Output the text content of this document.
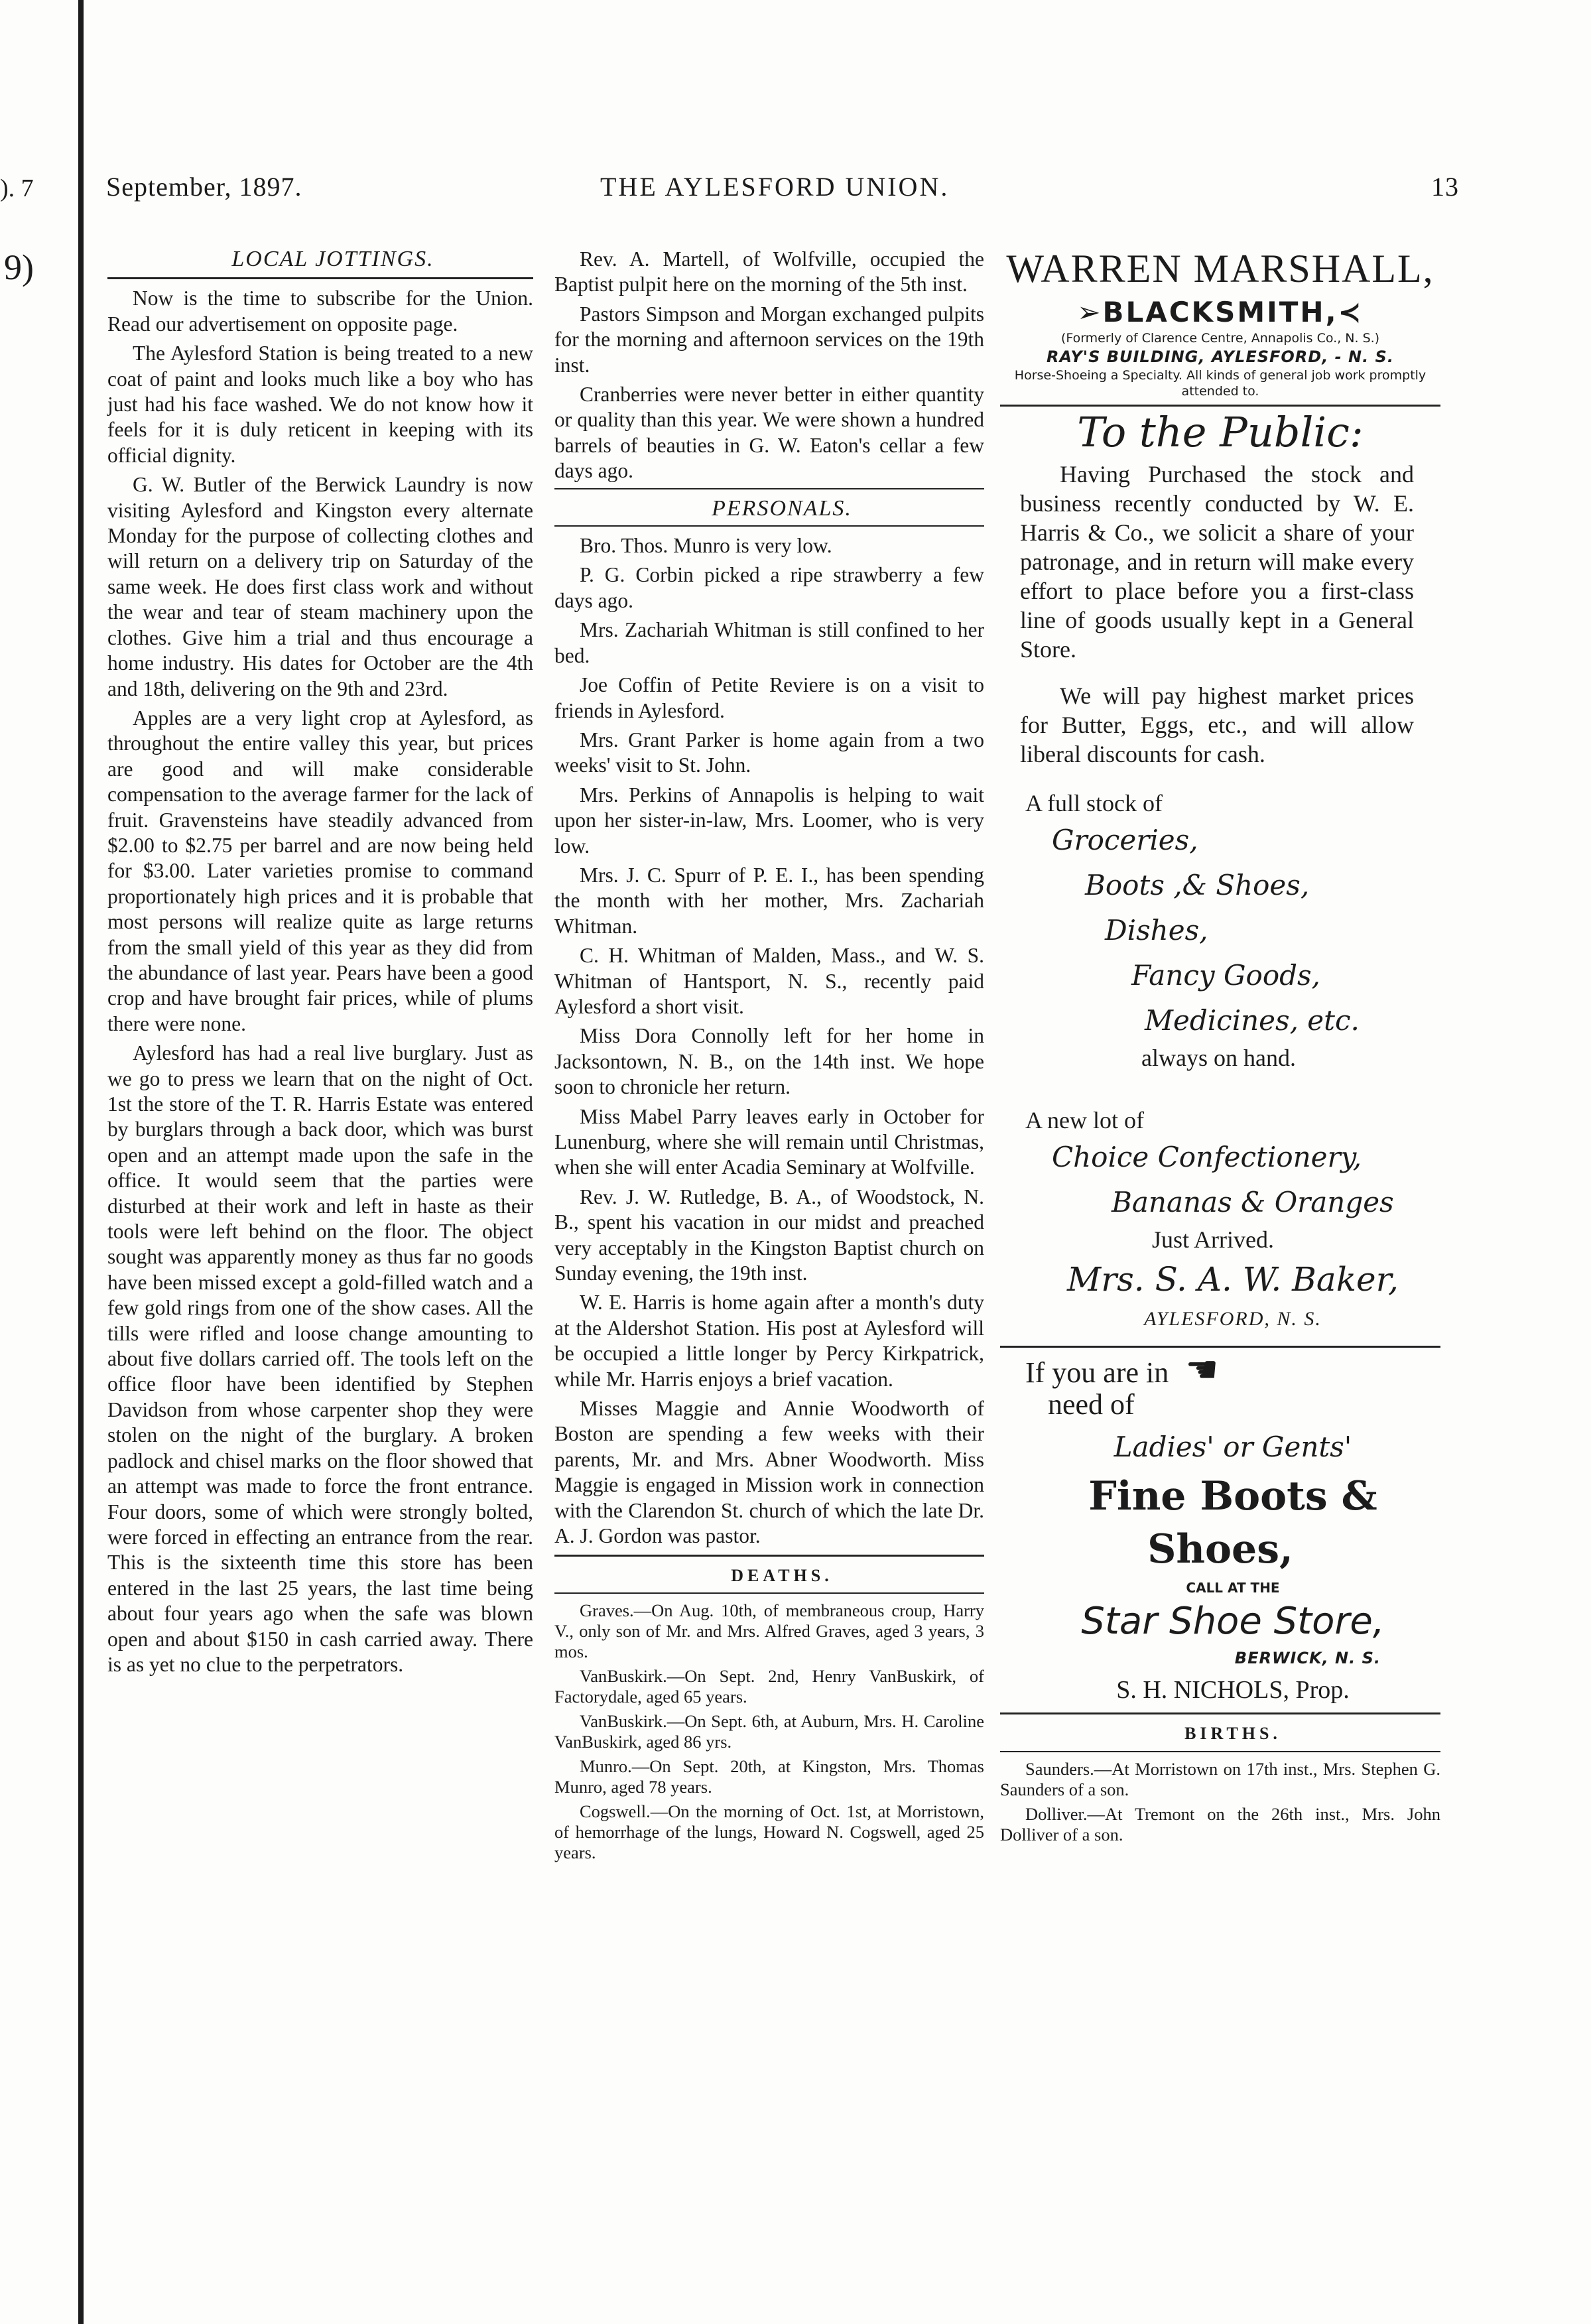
). 7
9)
September, 1897.	THE AYLESFORD UNION.	13

LOCAL JOTTINGS.

Now is the time to subscribe for the Union. Read our advertisement on opposite page.

The Aylesford Station is being treated to a new coat of paint and looks much like a boy who has just had his face washed. We do not know how it feels for it is duly reticent in keeping with its official dignity.

G. W. Butler of the Berwick Laundry is now visiting Aylesford and Kingston every alternate Monday for the purpose of collecting clothes and will return on a delivery trip on Saturday of the same week. He does first class work and without the wear and tear of steam machinery upon the clothes. Give him a trial and thus encourage a home industry. His dates for October are the 4th and 18th, delivering on the 9th and 23rd.

Apples are a very light crop at Aylesford, as throughout the entire valley this year, but prices are good and will make considerable compensation to the average farmer for the lack of fruit. Gravensteins have steadily advanced from $2.00 to $2.75 per barrel and are now being held for $3.00. Later varieties promise to command proportionately high prices and it is probable that most persons will realize quite as large returns from the small yield of this year as they did from the abundance of last year. Pears have been a good crop and have brought fair prices, while of plums there were none.

Aylesford has had a real live burglary. Just as we go to press we learn that on the night of Oct. 1st the store of the T. R. Harris Estate was entered by burglars through a back door, which was burst open and an attempt made upon the safe in the office. It would seem that the parties were disturbed at their work and left in haste as their tools were left behind on the floor. The object sought was apparently money as thus far no goods have been missed except a gold-filled watch and a few gold rings from one of the show cases. All the tills were rifled and loose change amounting to about five dollars carried off. The tools left on the office floor have been identified by Stephen Davidson from whose carpenter shop they were stolen on the night of the burglary. A broken padlock and chisel marks on the floor showed that an attempt was made to force the front entrance. Four doors, some of which were strongly bolted, were forced in effecting an entrance from the rear. This is the sixteenth time this store has been entered in the last 25 years, the last time being about four years ago when the safe was blown open and about $150 in cash carried away. There is as yet no clue to the perpetrators.

Rev. A. Martell, of Wolfville, occupied the Baptist pulpit here on the morning of the 5th inst.

Pastors Simpson and Morgan exchanged pulpits for the morning and afternoon services on the 19th inst.

Cranberries were never better in either quantity or quality than this year. We were shown a hundred barrels of beauties in G. W. Eaton's cellar a few days ago.

PERSONALS.

Bro. Thos. Munro is very low.

P. G. Corbin picked a ripe strawberry a few days ago.

Mrs. Zachariah Whitman is still confined to her bed.

Joe Coffin of Petite Reviere is on a visit to friends in Aylesford.

Mrs. Grant Parker is home again from a two weeks' visit to St. John.

Mrs. Perkins of Annapolis is helping to wait upon her sister-in-law, Mrs. Loomer, who is very low.

Mrs. J. C. Spurr of P. E. I., has been spending the month with her mother, Mrs. Zachariah Whitman.

C. H. Whitman of Malden, Mass., and W. S. Whitman of Hantsport, N. S., recently paid Aylesford a short visit.

Miss Dora Connolly left for her home in Jacksontown, N. B., on the 14th inst. We hope soon to chronicle her return.

Miss Mabel Parry leaves early in October for Lunenburg, where she will remain until Christmas, when she will enter Acadia Seminary at Wolfville.

Rev. J. W. Rutledge, B. A., of Woodstock, N. B., spent his vacation in our midst and preached very acceptably in the Kingston Baptist church on Sunday evening, the 19th inst.

W. E. Harris is home again after a month's duty at the Aldershot Station. His post at Aylesford will be occupied a little longer by Percy Kirkpatrick, while Mr. Harris enjoys a brief vacation.

Misses Maggie and Annie Woodworth of Boston are spending a few weeks with their parents, Mr. and Mrs. Abner Woodworth. Miss Maggie is engaged in Mission work in connection with the Clarendon St. church of which the late Dr. A. J. Gordon was pastor.

DEATHS.

Graves.—On Aug. 10th, of membraneous croup, Harry V., only son of Mr. and Mrs. Alfred Graves, aged 3 years, 3 mos.

VanBuskirk.—On Sept. 2nd, Henry VanBuskirk, of Factorydale, aged 65 years.

VanBuskirk.—On Sept. 6th, at Auburn, Mrs. H. Caroline VanBuskirk, aged 86 yrs.

Munro.—On Sept. 20th, at Kingston, Mrs. Thomas Munro, aged 78 years.

Cogswell.—On the morning of Oct. 1st, at Morristown, of hemorrhage of the lungs, Howard N. Cogswell, aged 25 years.

WARREN MARSHALL,
➢BLACKSMITH,≺
(Formerly of Clarence Centre, Annapolis Co., N. S.)
RAY'S BUILDING, AYLESFORD, - N. S.
Horse-Shoeing a Specialty. All kinds of general job work promptly attended to.
To the Public:

Having Purchased the stock and business recently conducted by W. E. Harris & Co., we solicit a share of your patronage, and in return will make every effort to place before you a first-class line of goods usually kept in a General Store.

We will pay highest market prices for Butter, Eggs, etc., and will allow liberal discounts for cash.

A full stock of

Groceries,

Boots ,& Shoes,

Dishes,

Fancy Goods,

Medicines, etc.

always on hand.

A new lot of

Choice Confectionery,

Bananas & Oranges

Just Arrived.

Mrs. S. A. W. Baker,

AYLESFORD, N. S.

If you are in ☚

need of

Ladies' or Gents'

Fine Boots & Shoes,

CALL AT THE

Star Shoe Store,

BERWICK, N. S.

S. H. NICHOLS, Prop.

BIRTHS.

Saunders.—At Morristown on 17th inst., Mrs. Stephen G. Saunders of a son.

Dolliver.—At Tremont on the 26th inst., Mrs. John Dolliver of a son.
